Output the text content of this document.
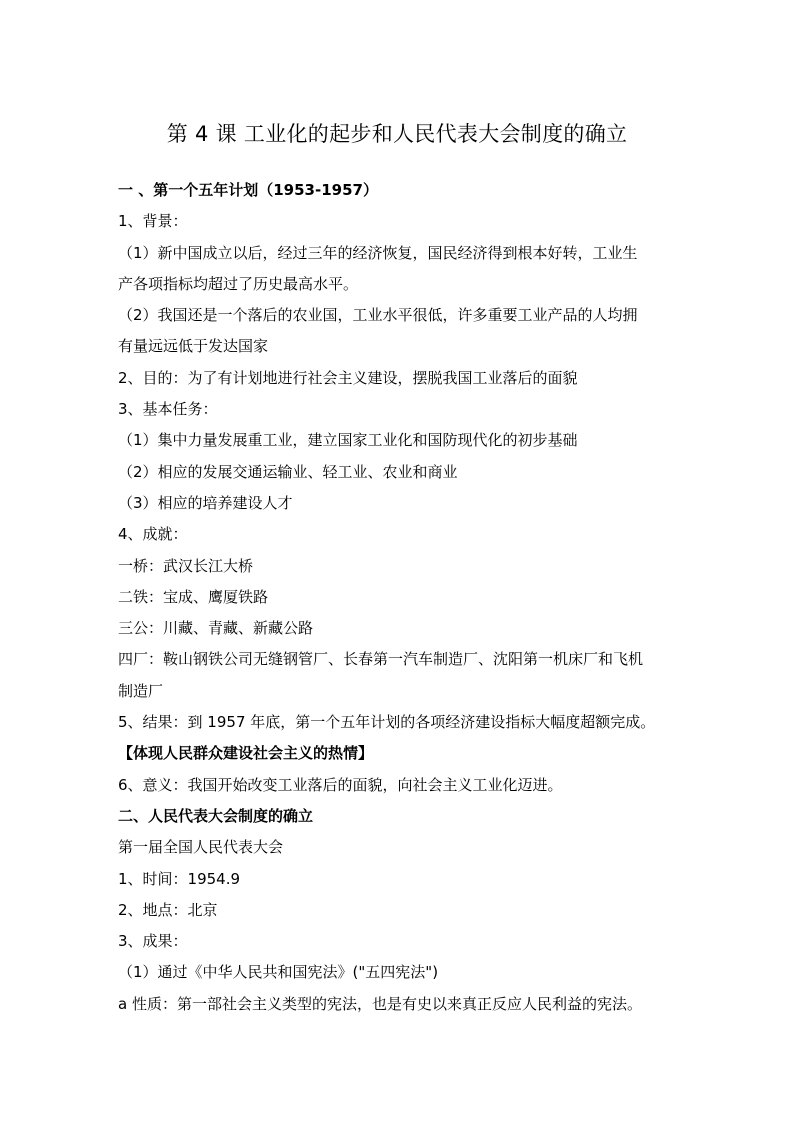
第 4 课 工业化的起步和人民代表大会制度的确立
一 、第一个五年计划（1953-1957）
1、背景：
（1）新中国成立以后，经过三年的经济恢复，国民经济得到根本好转，工业生
产各项指标均超过了历史最高水平。
（2）我国还是一个落后的农业国，工业水平很低，许多重要工业产品的人均拥
有量远远低于发达国家
2、目的：为了有计划地进行社会主义建设，摆脱我国工业落后的面貌
3、基本任务：
（1）集中力量发展重工业，建立国家工业化和国防现代化的初步基础
（2）相应的发展交通运输业、轻工业、农业和商业
（3）相应的培养建设人才
4、成就：
一桥：武汉长江大桥
二铁：宝成、鹰厦铁路
三公：川藏、青藏、新藏公路
四厂：鞍山钢铁公司无缝钢管厂、长春第一汽车制造厂、沈阳第一机床厂和飞机
制造厂
5、结果：到 1957 年底，第一个五年计划的各项经济建设指标大幅度超额完成。
【体现人民群众建设社会主义的热情】
6、意义：我国开始改变工业落后的面貌，向社会主义工业化迈进。
二、人民代表大会制度的确立
第一届全国人民代表大会
1、时间：1954.9
2、地点：北京
3、成果：
（1）通过《中华人民共和国宪法》("五四宪法")
a 性质：第一部社会主义类型的宪法，也是有史以来真正反应人民利益的宪法。
